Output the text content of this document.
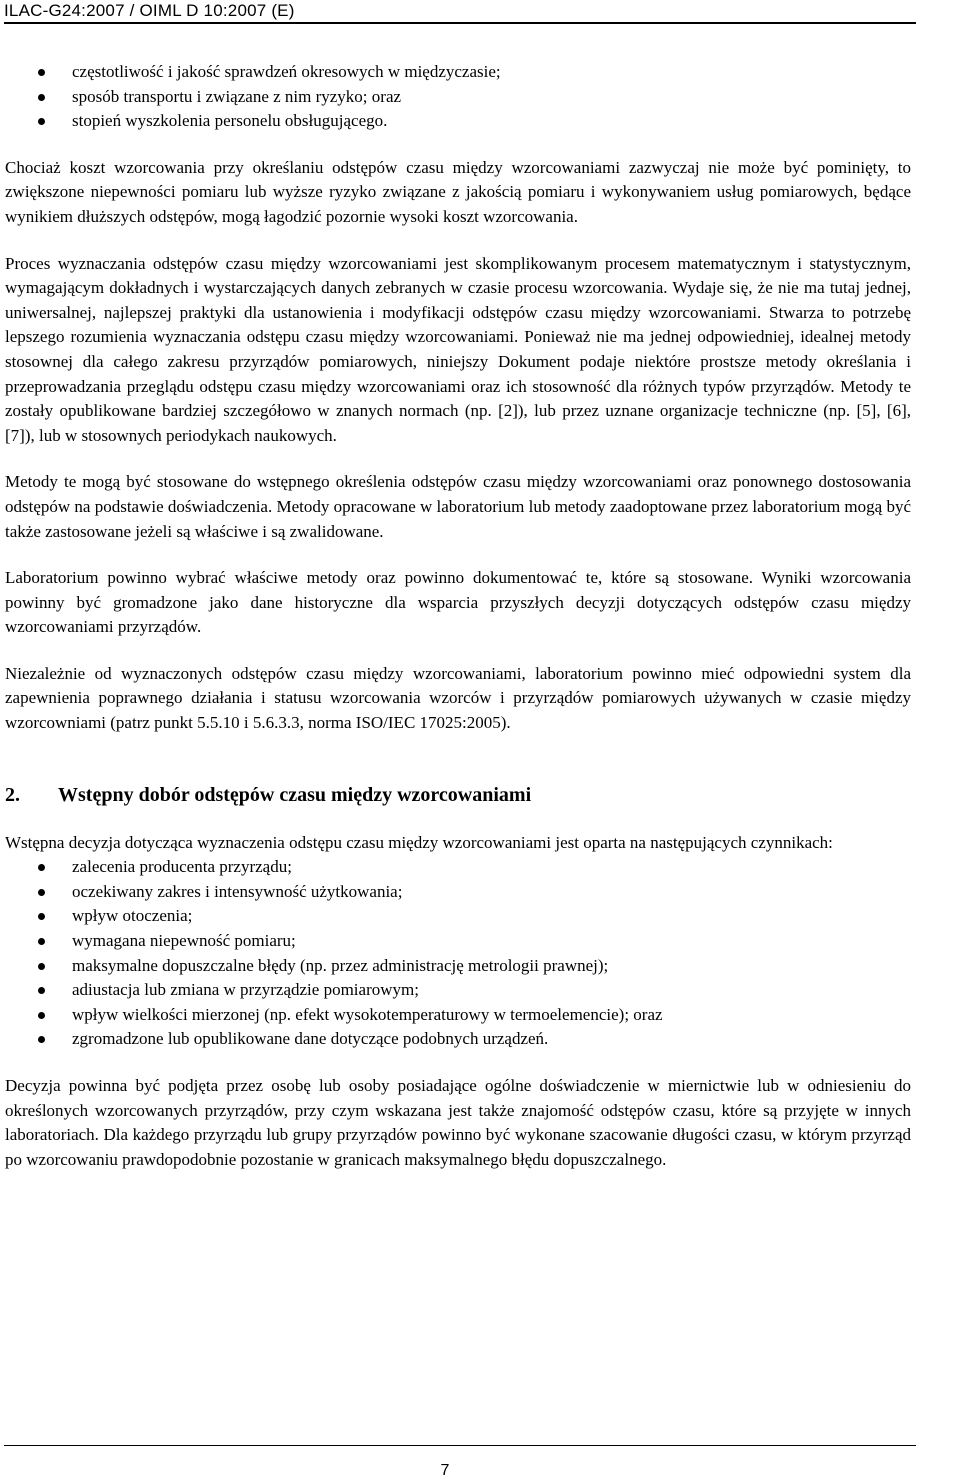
ILAC-G24:2007 / OIML D 10:2007 (E)
częstotliwość i jakość sprawdzeń okresowych w międzyczasie;
sposób transportu i związane z nim ryzyko; oraz
stopień wyszkolenia personelu obsługującego.

Chociaż koszt wzorcowania przy określaniu odstępów czasu między wzorcowaniami zazwyczaj nie może być pominięty, to zwiększone niepewności pomiaru lub wyższe ryzyko związane z jakością pomiaru i wykonywaniem usług pomiarowych, będące wynikiem dłuższych odstępów, mogą łagodzić pozornie wysoki koszt wzorcowania.

Proces wyznaczania odstępów czasu między wzorcowaniami jest skomplikowanym procesem matematycznym i statystycznym, wymagającym dokładnych i wystarczających danych zebranych w czasie procesu wzorcowania. Wydaje się, że nie ma tutaj jednej, uniwersalnej, najlepszej praktyki dla ustanowienia i modyfikacji odstępów czasu między wzorcowaniami. Stwarza to potrzebę lepszego rozumienia wyznaczania odstępu czasu między wzorcowaniami. Ponieważ nie ma jednej odpowiedniej, idealnej metody stosownej dla całego zakresu przyrządów pomiarowych, niniejszy Dokument podaje niektóre prostsze metody określania i przeprowadzania przeglądu odstępu czasu między wzorcowaniami oraz ich stosowność dla różnych typów przyrządów. Metody te zostały opublikowane bardziej szczegółowo w znanych normach (np. [2]), lub przez uznane organizacje techniczne (np. [5], [6], [7]), lub w stosownych periodykach naukowych.

Metody te mogą być stosowane do wstępnego określenia odstępów czasu między wzorcowaniami oraz ponownego dostosowania odstępów na podstawie doświadczenia. Metody opracowane w laboratorium lub metody zaadoptowane przez laboratorium mogą być także zastosowane jeżeli są właściwe i są zwalidowane.

Laboratorium powinno wybrać właściwe metody oraz powinno dokumentować te, które są stosowane. Wyniki wzorcowania powinny być gromadzone jako dane historyczne dla wsparcia przyszłych decyzji dotyczących odstępów czasu między wzorcowaniami przyrządów.

Niezależnie od wyznaczonych odstępów czasu między wzorcowaniami, laboratorium powinno mieć odpowiedni system dla zapewnienia poprawnego działania i statusu wzorcowania wzorców i przyrządów pomiarowych używanych w czasie między wzorcowniami (patrz punkt 5.5.10 i 5.6.3.3, norma ISO/IEC 17025:2005).

2.	Wstępny dobór odstępów czasu między wzorcowaniami

Wstępna decyzja dotycząca wyznaczenia odstępu czasu między wzorcowaniami jest oparta na następujących czynnikach:

zalecenia producenta przyrządu;
oczekiwany zakres i intensywność użytkowania;
wpływ otoczenia;
wymagana niepewność pomiaru;
maksymalne dopuszczalne błędy (np. przez administrację metrologii prawnej);
adiustacja lub zmiana w przyrządzie pomiarowym;
wpływ wielkości mierzonej (np. efekt wysokotemperaturowy w termoelemencie); oraz
zgromadzone lub opublikowane dane dotyczące podobnych urządzeń.

Decyzja powinna być podjęta przez osobę lub osoby posiadające ogólne doświadczenie w miernictwie lub w odniesieniu do określonych wzorcowanych przyrządów, przy czym wskazana jest także znajomość odstępów czasu, które są przyjęte w innych laboratoriach. Dla każdego przyrządu lub grupy przyrządów powinno być wykonane szacowanie długości czasu, w którym przyrząd po wzorcowaniu prawdopodobnie pozostanie w granicach maksymalnego błędu dopuszczalnego.

7
